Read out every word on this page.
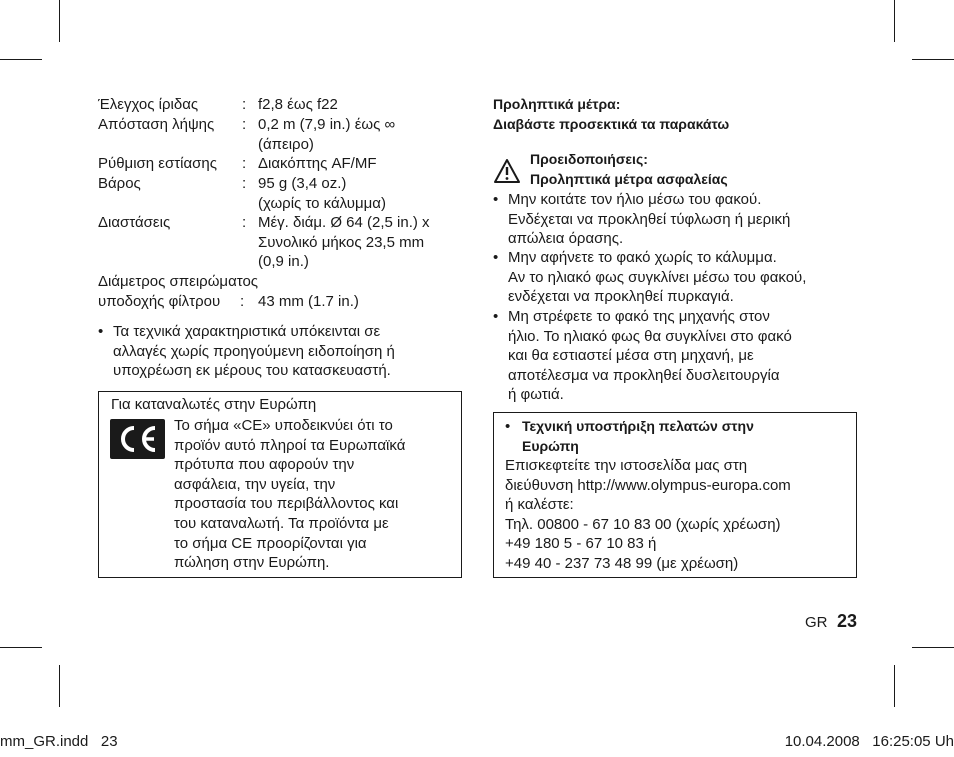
Έλεγχος ίριδας	: f2,8 έως f22
Απόσταση λήψης : 0,2 m (7,9 in.) έως ∞
(άπειρο)
Ρύθμιση εστίασης : Διακόπτης AF/MF
Βάρος	: 95 g (3,4 oz.)
(χωρίς το κάλυμμα)
Διαστάσεις	: Μέγ. διάμ. Ø 64 (2,5 in.) x
Συνολικό μήκος 23,5 mm
(0,9 in.)
Διάμετρος σπειρώματος
υποδοχής φίλτρου : 43 mm (1.7 in.)
• Τα τεχνικά χαρακτηριστικά υπόκεινται σε
αλλαγές χωρίς προηγούμενη ειδοποίηση ή
υποχρέωση εκ μέρους του κατασκευαστή.
Για καταναλωτές στην Ευρώπη
Το σήμα «CE» υποδεικνύει ότι το
προϊόν αυτό πληροί τα Ευρωπαϊκά
πρότυπα που αφορούν την
ασφάλεια, την υγεία, την
προστασία του περιβάλλοντος και
του καταναλωτή. Τα προϊόντα με
το σήμα CE προορίζονται για
πώληση στην Ευρώπη.
Προληπτικά μέτρα:
Διαβάστε προσεκτικά τα παρακάτω
Προειδοποιήσεις:
Προληπτικά μέτρα ασφαλείας
• Μην κοιτάτε τον ήλιο μέσω του φακού.
Ενδέχεται να προκληθεί τύφλωση ή μερική
απώλεια όρασης.
• Μην αφήνετε το φακό χωρίς το κάλυμμα.
Αν το ηλιακό φως συγκλίνει μέσω του φακού,
ενδέχεται να προκληθεί πυρκαγιά.
• Μη στρέφετε το φακό της μηχανής στον
ήλιο. Το ηλιακό φως θα συγκλίνει στο φακό
και θα εστιαστεί μέσα στη μηχανή, με
αποτέλεσμα να προκληθεί δυσλειτουργία
ή φωτιά.
• Τεχνική υποστήριξη πελατών στην
Ευρώπη
Επισκεφτείτε την ιστοσελίδα μας στη
διεύθυνση http://www.olympus-europa.com
ή καλέστε:
Τηλ. 00800 - 67 10 83 00 (χωρίς χρέωση)
+49 180 5 - 67 10 83 ή
+49 40 - 237 73 48 99 (με χρέωση)
GR 23
mm_GR.indd   23	10.04.2008   16:25:05 Uh
